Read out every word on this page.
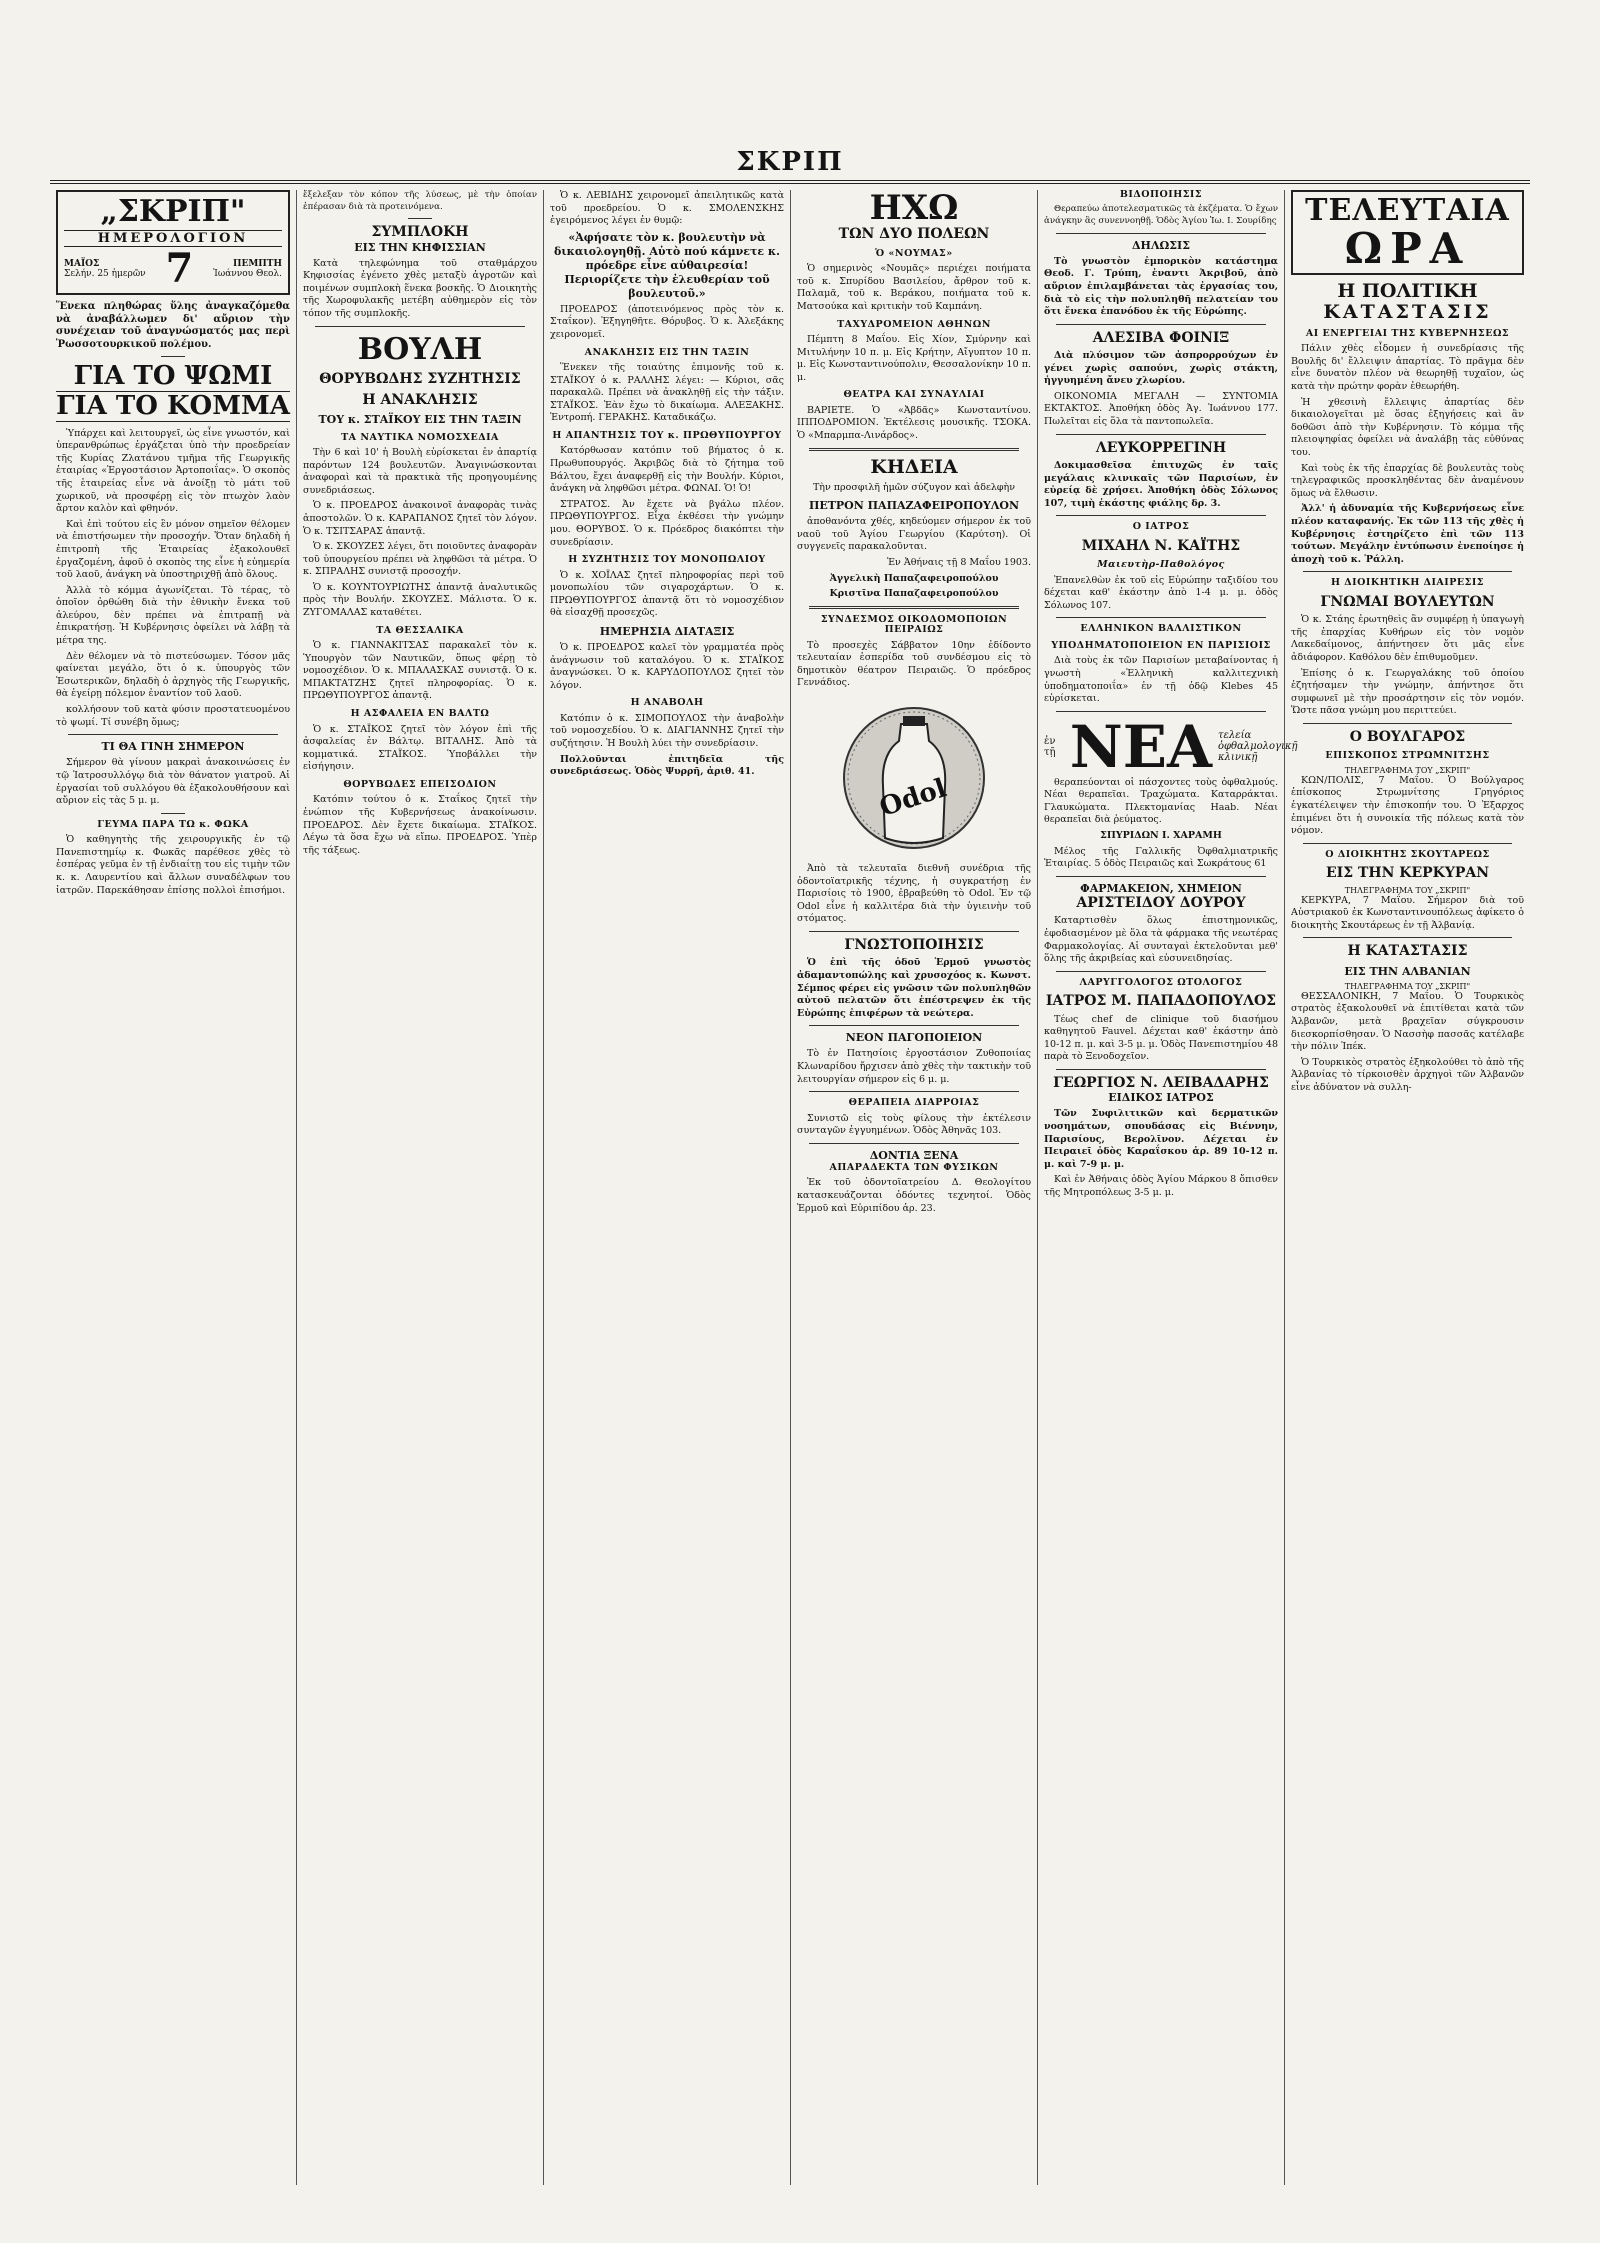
ΣΚΡΙΠ
„ΣΚΡΙΠ"
ΗΜΕΡΟΛΟΓΙΟΝ
ΜΑΪΟΣ
Σελήν. 25 ἡμερῶν 7	ΠΕΜΠΤΗ
Ἰωάννου Θεολ.

Ἕνεκα πληθώρας ὕλης ἀναγκαζόμεθα νὰ ἀναβάλλωμεν δι' αὔριον τὴν συνέχειαν τοῦ ἀναγνώσματός μας περὶ Ῥωσσοτουρκικοῦ πολέμου.

ΓΙΑ ΤΟ ΨΩΜΙ
ΓΙΑ ΤΟ ΚΟΜΜΑ

Ὑπάρχει καὶ λειτουργεῖ, ὡς εἶνε γνωστόν, καὶ ὑπερανθρώπως ἐργάζεται ὑπὸ τὴν προεδρείαν τῆς Κυρίας Ζλατάνου τμῆμα τῆς Γεωργικῆς ἑταιρίας «Ἐργοστάσιον Ἀρτοποιΐας». Ὁ σκοπὸς τῆς ἑταιρείας εἶνε νὰ ἀνοίξῃ τὸ μάτι τοῦ χωρικοῦ, νὰ προσφέρῃ εἰς τὸν πτωχὸν λαὸν ἄρτον καλὸν καὶ φθηνόν.

Καὶ ἐπὶ τούτου εἰς ἓν μόνον σημεῖον θέλομεν νὰ ἐπιστήσωμεν τὴν προσοχήν. Ὅταν δηλαδὴ ἡ ἐπιτροπὴ τῆς Ἑταιρείας ἐξακολουθεῖ ἐργαζομένη, ἀφοῦ ὁ σκοπὸς της εἶνε ἡ εὐημερία τοῦ λαοῦ, ἀνάγκη νὰ ὑποστηριχθῇ ἀπὸ ὅλους.

Ἀλλὰ τὸ κόμμα ἀγωνίζεται. Τὸ τέρας, τὸ ὁποῖον ὀρθώθη διὰ τὴν ἐθνικὴν ἔνεκα τοῦ ἀλεύρου, δὲν πρέπει νὰ ἐπιτραπῇ νὰ ἐπικρατήσῃ. Ἡ Κυβέρνησις ὀφείλει νὰ λάβῃ τὰ μέτρα της.

Δὲν θέλομεν νὰ τὸ πιστεύσωμεν. Τόσον μᾶς φαίνεται μεγάλο, ὅτι ὁ κ. ὑπουργὸς τῶν Ἐσωτερικῶν, δηλαδὴ ὁ ἀρχηγὸς τῆς Γεωργικῆς, θὰ ἐγείρῃ πόλεμον ἐναντίον τοῦ λαοῦ.

κολλήσουν τοῦ κατὰ φύσιν προστατευομένου τὸ ψωμί. Τί συνέβη ὅμως;

ΤΙ ΘΑ ΓΙΝΗ ΣΗΜΕΡΟΝ

Σήμερον θὰ γίνουν μακραὶ ἀνακοινώσεις ἐν τῷ Ἰατροσυλλόγῳ διὰ τὸν θάνατον γιατροῦ. Αἱ ἐργασίαι τοῦ συλλόγου θὰ ἐξακολουθήσουν καὶ αὔριον εἰς τὰς 5 μ. μ.

ΓΕΥΜΑ ΠΑΡΑ ΤΩ κ. ΦΩΚΑ

Ὁ καθηγητὴς τῆς χειρουργικῆς ἐν τῷ Πανεπιστημίῳ κ. Φωκᾶς παρέθεσε χθὲς τὸ ἑσπέρας γεῦμα ἐν τῇ ἐνδιαίτῃ του εἰς τιμὴν τῶν κ. κ. Λαυρεντίου καὶ ἄλλων συναδέλφων του ἰατρῶν. Παρεκάθησαν ἐπίσης πολλοὶ ἐπισήμοι.

ἔξελεξαν τὸν κόπον τῆς λύσεως, μὲ τὴν ὁποίαν ἐπέρασαν διὰ τὰ προτεινόμενα.

ΣΥΜΠΛΟΚΗ
ΕΙΣ ΤΗΝ ΚΗΦΙΣΣΙΑΝ

Κατὰ τηλεφώνημα τοῦ σταθμάρχου Κηφισσίας ἐγένετο χθὲς μεταξὺ ἀγροτῶν καὶ ποιμένων συμπλοκὴ ἕνεκα βοσκῆς. Ὁ Διοικητὴς τῆς Χωροφυλακῆς μετέβη αὐθημερὸν εἰς τὸν τόπον τῆς συμπλοκῆς.

ΒΟΥΛΗ
ΘΟΡΥΒΩΔΗΣ ΣΥΖΗΤΗΣΙΣ
Η ΑΝΑΚΛΗΣΙΣ
ΤΟΥ κ. ΣΤΑΪΚΟΥ ΕΙΣ ΤΗΝ ΤΑΞΙΝ
ΤΑ ΝΑΥΤΙΚΑ ΝΟΜΟΣΧΕΔΙΑ

Τὴν 6 καὶ 10' ἡ Βουλὴ εὑρίσκεται ἐν ἀπαρτίᾳ παρόντων 124 βουλευτῶν. Ἀναγινώσκονται ἀναφοραὶ καὶ τὰ πρακτικὰ τῆς προηγουμένης συνεδριάσεως.

Ὁ κ. ΠΡΟΕΔΡΟΣ ἀνακοινοῖ ἀναφορὰς τινὰς ἀποστολῶν. Ὁ κ. ΚΑΡΑΠΑΝΟΣ ζητεῖ τὸν λόγον. Ὁ κ. ΤΣΙΤΣΑΡΑΣ ἀπαντᾷ.

Ὁ κ. ΣΚΟΥΖΕΣ λέγει, ὅτι ποιοῦντες ἀναφορὰν τοῦ ὑπουργείου πρέπει νὰ ληφθῶσι τὰ μέτρα. Ὁ κ. ΣΠΡΑΛΗΣ συνιστᾷ προσοχήν.

Ὁ κ. ΚΟΥΝΤΟΥΡΙΩΤΗΣ ἀπαντᾷ ἀναλυτικῶς πρὸς τὴν Βουλήν. ΣΚΟΥΖΕΣ. Μάλιστα. Ὁ κ. ΖΥΓΟΜΑΛΑΣ καταθέτει.

ΤΑ ΘΕΣΣΑΛΙΚΑ

Ὁ κ. ΓΙΑΝΝΑΚΙΤΣΑΣ παρακαλεῖ τὸν κ. Ὑπουργὸν τῶν Ναυτικῶν, ὅπως φέρῃ τὸ νομοσχέδιον. Ὁ κ. ΜΠΑΛΑΣΚΑΣ συνιστᾷ. Ὁ κ. ΜΠΑΚΤΑΤΖΗΣ ζητεῖ πληροφορίας. Ὁ κ. ΠΡΩΘΥΠΟΥΡΓΟΣ ἀπαντᾷ.

Η ΑΣΦΑΛΕΙΑ ΕΝ ΒΑΛΤΩ

Ὁ κ. ΣΤΑΪΚΟΣ ζητεῖ τὸν λόγον ἐπὶ τῆς ἀσφαλείας ἐν Βάλτῳ. ΒΙΤΑΛΗΣ. Ἀπὸ τὰ κομματικά. ΣΤΑΪΚΟΣ. Ὑποβάλλει τὴν εἰσήγησιν.

ΘΟΡΥΒΩΔΕΣ ΕΠΕΙΣΟΔΙΟΝ

Κατόπιν τούτου ὁ κ. Σταΐκος ζητεῖ τὴν ἐνώπιον τῆς Κυβερνήσεως ἀνακοίνωσιν. ΠΡΟΕΔΡΟΣ. Δὲν ἔχετε δικαίωμα. ΣΤΑΪΚΟΣ. Λέγω τὰ ὅσα ἔχω νὰ εἴπω. ΠΡΟΕΔΡΟΣ. Ὑπὲρ τῆς τάξεως.

Ὁ κ. ΛΕΒΙΔΗΣ χειρονομεῖ ἀπειλητικῶς κατὰ τοῦ προεδρείου. Ὁ κ. ΣΜΟΛΕΝΣΚΗΣ ἐγειρόμενος λέγει ἐν θυμῷ:

«Ἀφήσατε τὸν κ. βουλευτὴν νὰ δικαιολογηθῇ. Αὐτὸ πού κάμνετε κ. πρόεδρε εἶνε αὐθαιρεσία! Περιορίζετε τὴν ἐλευθερίαν τοῦ βουλευτοῦ.»

ΠΡΟΕΔΡΟΣ (ἀποτεινόμενος πρὸς τὸν κ. Σταΐκον). Ἐξηγηθῆτε. Θόρυβος. Ὁ κ. Ἀλεξάκης χειρονομεῖ.

ΑΝΑΚΛΗΣΙΣ ΕΙΣ ΤΗΝ ΤΑΞΙΝ

Ἕνεκεν τῆς τοιαύτης ἐπιμονῆς τοῦ κ. ΣΤΑΪΚΟΥ ὁ κ. ΡΑΛΛΗΣ λέγει: — Κύριοι, σᾶς παρακαλῶ. Πρέπει νὰ ἀνακληθῇ εἰς τὴν τάξιν. ΣΤΑΪΚΟΣ. Ἐὰν ἔχω τὸ δικαίωμα. ΑΛΕΞΑΚΗΣ. Ἐντροπή. ΓΕΡΑΚΗΣ. Καταδικάζω.

Η ΑΠΑΝΤΗΣΙΣ ΤΟΥ κ. ΠΡΩΘΥΠΟΥΡΓΟΥ

Κατόρθωσαν κατόπιν τοῦ βήματος ὁ κ. Πρωθυπουργός. Ἀκριβῶς διὰ τὸ ζήτημα τοῦ Βάλτου, ἔχει ἀναφερθῇ εἰς τὴν Βουλήν. Κύριοι, ἀνάγκη νὰ ληφθῶσι μέτρα. ΦΩΝΑΙ. Ὁ! Ὁ!

ΣΤΡΑΤΟΣ. Ἀν ἔχετε νὰ βγάλω πλέον. ΠΡΩΘΥΠΟΥΡΓΟΣ. Εἶχα ἐκθέσει τὴν γνώμην μου. ΘΟΡΥΒΟΣ. Ὁ κ. Πρόεδρος διακόπτει τὴν συνεδρίασιν.

Η ΣΥΖΗΤΗΣΙΣ ΤΟΥ ΜΟΝΟΠΩΛΙΟΥ

Ὁ κ. ΧΟΪΛΑΣ ζητεῖ πληροφορίας περὶ τοῦ μονοπωλίου τῶν σιγαροχάρτων. Ὁ κ. ΠΡΩΘΥΠΟΥΡΓΟΣ ἀπαντᾷ ὅτι τὸ νομοσχέδιον θὰ εἰσαχθῇ προσεχῶς.

ΗΜΕΡΗΣΙΑ ΔΙΑΤΑΞΙΣ

Ὁ κ. ΠΡΟΕΔΡΟΣ καλεῖ τὸν γραμματέα πρὸς ἀνάγνωσιν τοῦ καταλόγου. Ὁ κ. ΣΤΑΪΚΟΣ ἀναγνώσκει. Ὁ κ. ΚΑΡΥΔΟΠΟΥΛΟΣ ζητεῖ τὸν λόγον.

Η ΑΝΑΒΟΛΗ

Κατόπιν ὁ κ. ΣΙΜΟΠΟΥΛΟΣ τὴν ἀναβολὴν τοῦ νομοσχεδίου. Ὁ κ. ΔΙΑΓΙΑΝΝΗΣ ζητεῖ τὴν συζήτησιν. Ἡ Βουλὴ λύει τὴν συνεδρίασιν.

Πολλοῦνται ἐπιτηδεῖα τῆς συνεδριάσεως. Ὁδὸς Ψυρρῆ, ἀριθ. 41.

ΗΧΩ
ΤΩΝ ΔΥΟ ΠΟΛΕΩΝ
Ὁ «ΝΟΥΜΑΣ»

Ὁ σημερινὸς «Νουμᾶς» περιέχει ποιήματα τοῦ κ. Σπυρίδου Βασιλείου, ἄρθρον τοῦ κ. Παλαμᾶ, τοῦ κ. Βεράκου, ποιήματα τοῦ κ. Ματσούκα καὶ κριτικὴν τοῦ Καμπάνη.

ΤΑΧΥΔΡΟΜΕΙΟΝ ΑΘΗΝΩΝ

Πέμπτη 8 Μαΐου. Εἰς Χίον, Σμύρνην καὶ Μιτυλήνην 10 π. μ. Εἰς Κρήτην, Αἴγυπτον 10 π. μ. Εἰς Κωνσταντινούπολιν, Θεσσαλονίκην 10 π. μ.

ΘΕΑΤΡΑ ΚΑΙ ΣΥΝΑΥΛΙΑΙ

ΒΑΡΙΕΤΕ. Ὁ «Ἀβδᾶς» Κωνσταντίνου. ΙΠΠΟΔΡΟΜΙΟΝ. Ἐκτέλεσις μουσικῆς. ΤΣΟΚΑ. Ὁ «Μπαρμπα-Λινάρδος».

ΚΗΔΕΙΑ

Τὴν προσφιλῆ ἡμῶν σύζυγον καὶ ἀδελφὴν

ΠΕΤΡΟΝ ΠΑΠΑΖΑΦΕΙΡΟΠΟΥΛΟΝ

ἀποθανόντα χθές, κηδεύομεν σήμερον ἐκ τοῦ ναοῦ τοῦ Ἁγίου Γεωργίου (Καρύτση). Οἱ συγγενεῖς παρακαλοῦνται.

Ἐν Ἀθήναις τῇ 8 Μαΐου 1903.

Ἀγγελικὴ Παπαζαφειροπούλου

Κριστῖνα Παπαζαφειροπούλου

ΣΥΝΔΕΣΜΟΣ ΟΙΚΟΔΟΜΟΠΟΙΩΝ ΠΕΙΡΑΙΩΣ

Τὸ προσεχὲς Σάββατον 10ην ἐδίδοντο τελευταίαν ἑσπερίδα τοῦ συνδέσμου εἰς τὸ δημοτικὸν θέατρον Πειραιῶς. Ὁ πρόεδρος Γεννάδιος.

Odol

Ἀπὸ τὰ τελευταῖα διεθνῆ συνέδρια τῆς ὀδοντοϊατρικῆς τέχνης, ἡ συγκρατήσῃ ἐν Παρισίοις τὸ 1900, ἐβραβεύθη τὸ Odol. Ἐν τῷ Odol εἶνε ἡ καλλιτέρα διὰ τὴν ὑγιεινὴν τοῦ στόματος.

ΓΝΩΣΤΟΠΟΙΗΣΙΣ

Ὁ ἐπὶ τῆς ὁδοῦ Ἑρμοῦ γνωστὸς ἀδαμαντοπώλης καὶ χρυσοχόος κ. Κωνστ. Σέμπος φέρει εἰς γνῶσιν τῶν πολυπληθῶν αὐτοῦ πελατῶν ὅτι ἐπέστρεψεν ἐκ τῆς Εὐρώπης ἐπιφέρων τὰ νεώτερα.

ΝΕΟΝ ΠΑΓΟΠΟΙΕΙΟΝ

Τὸ ἐν Πατησίοις ἐργοστάσιον Ζυθοποιίας Κλωναρίδου ἤρχισεν ἀπὸ χθὲς τὴν τακτικὴν τοῦ λειτουργίαν σήμερον εἰς 6 μ. μ.

ΘΕΡΑΠΕΙΑ ΔΙΑΡΡΟΙΑΣ

Συνιστῶ εἰς τοὺς φίλους τὴν ἐκτέλεσιν συνταγῶν ἐγγυημένων. Ὁδὸς Ἀθηνᾶς 103.

ΔΟΝΤΙΑ ΞΕΝΑ
ΑΠΑΡΑΔΕΚΤΑ ΤΩΝ ΦΥΣΙΚΩΝ

Ἐκ τοῦ ὀδοντοϊατρείου Δ. Θεολογίτου κατασκευάζονται ὀδόντες τεχνητοί. Ὁδὸς Ἑρμοῦ καὶ Εὐριπίδου ἀρ. 23.

ΒΙΔΟΠΟΙΗΣΙΣ

Θεραπεύω ἀποτελεσματικῶς τὰ ἐκζέματα. Ὁ ἔχων ἀνάγκην ἂς συνεννοηθῇ. Ὁδὸς Ἁγίου Ἰω. Ι. Σουρίδης

ΔΗΛΩΣΙΣ

Τὸ γνωστὸν ἐμπορικὸν κατάστημα Θεοδ. Γ. Τρύπη, ἐναντι Ἀκριβοῦ, ἀπὸ αὔριον ἐπιλαμβάνεται τὰς ἐργασίας του, διὰ τὸ εἰς τὴν πολυπληθῆ πελατείαν του ὅτι ἔνεκα ἐπανόδου ἐκ τῆς Εὐρώπης.

ΑΛΕΣΙΒΑ ΦΟΙΝΙΞ

Διὰ πλύσιμον τῶν ἀσπρορρούχων ἐν γένει χωρὶς σαπούνι, χωρὶς στάκτη, ἡγγυημένη ἄνευ χλωρίου.

ΟΙΚΟΝΟΜΙΑ ΜΕΓΑΛΗ — ΣΥΝΤΟΜΙΑ ΕΚΤΑΚΤΟΣ. Ἀποθήκη ὁδὸς Ἀγ. Ἰωάννου 177. Πωλεῖται εἰς ὅλα τὰ παντοπωλεῖα.

ΛΕΥΚΟΡΡΕΓΙΝΗ

Δοκιμασθεῖσα ἐπιτυχῶς ἐν ταῖς μεγάλαις κλινικαῖς τῶν Παρισίων, ἐν εὐρείᾳ δὲ χρήσει. Ἀποθήκη ὁδὸς Σόλωνος 107, τιμὴ ἑκάστης φιάλης δρ. 3.

Ο ΙΑΤΡΟΣ
ΜΙΧΑΗΛ Ν. ΚΑΪΤΗΣ
Μαιευτὴρ-Παθολόγος

Ἐπανελθὼν ἐκ τοῦ εἰς Εὐρώπην ταξιδίου του δέχεται καθ' ἑκάστην ἀπὸ 1-4 μ. μ. ὁδὸς Σόλωνος 107.

ΕΛΛΗΝΙΚΟΝ ΒΑΛΛΙΣΤΙΚΟΝ
ΥΠΟΔΗΜΑΤΟΠΟΙΕΙΟΝ ΕΝ ΠΑΡΙΣΙΟΙΣ

Διὰ τοὺς ἐκ τῶν Παρισίων μεταβαίνοντας ἡ γνωστὴ «Ἑλληνικὴ καλλιτεχνικὴ ὑποδηματοποιΐα» ἐν τῇ ὁδῷ Klebes 45 εὑρίσκεται.

ἐν τῇ ΝΕΑ τελεία ὀφθαλμολογικῇ κλινικῇ

θεραπεύονται οἱ πάσχοντες τοὺς ὀφθαλμούς. Νέαι θεραπεῖαι. Τραχώματα. Καταρράκται. Γλαυκώματα. Πλεκτομανίας Haab. Νέαι θεραπεῖαι διὰ ῥεύματος.

ΣΠΥΡΙΔΩΝ Ι. ΧΑΡΑΜΗ

Μέλος τῆς Γαλλικῆς Ὀφθαλμιατρικῆς Ἑταιρίας. 5 ὁδὸς Πειραιῶς καὶ Σωκράτους 61

ΦΑΡΜΑΚΕΙΟΝ, ΧΗΜΕΙΟΝ
ΑΡΙΣΤΕΙΔΟΥ ΔΟΥΡΟΥ

Καταρτισθὲν ὅλως ἐπιστημονικῶς, ἐφοδιασμένον μὲ ὅλα τὰ φάρμακα τῆς νεωτέρας Φαρμακολογίας. Αἱ συνταγαὶ ἐκτελοῦνται μεθ' ὅλης τῆς ἀκριβείας καὶ εὐσυνειδησίας.

ΛΑΡΥΓΓΟΛΟΓΟΣ ΩΤΟΛΟΓΟΣ
ΙΑΤΡΟΣ Μ. ΠΑΠΑΔΟΠΟΥΛΟΣ

Τέως chef de clinique τοῦ διασήμου καθηγητοῦ Fauvel. Δέχεται καθ' ἑκάστην ἀπὸ 10-12 π. μ. καὶ 3-5 μ. μ. Ὁδὸς Πανεπιστημίου 48 παρὰ τὸ Ξενοδοχεῖον.

ΓΕΩΡΓΙΟΣ Ν. ΛΕΙΒΑΔΑΡΗΣ
ΕΙΔΙΚΟΣ ΙΑΤΡΟΣ

Τῶν Συφιλιτικῶν καὶ δερματικῶν νοσημάτων, σπουδάσας εἰς Βιέννην, Παρισίους, Βερολῖνον. Δέχεται ἐν Πειραιεῖ ὁδὸς Καραΐσκου ἀρ. 89 10-12 π. μ. καὶ 7-9 μ. μ.

Καὶ ἐν Ἀθήναις ὁδὸς Ἀγίου Μάρκου 8 ὄπισθεν τῆς Μητροπόλεως 3-5 μ. μ.

ΤΕΛΕΥΤΑΙΑ
ΩΡΑ
Η ΠΟΛΙΤΙΚΗ
ΚΑΤΑΣΤΑΣΙΣ
ΑΙ ΕΝΕΡΓΕΙΑΙ ΤΗΣ ΚΥΒΕΡΝΗΣΕΩΣ

Πάλιν χθὲς εἶδομεν ἡ συνεδρίασις τῆς Βουλῆς δι' ἔλλειψιν ἀπαρτίας. Τὸ πρᾶγμα δὲν εἶνε δυνατὸν πλέον νὰ θεωρηθῇ τυχαῖον, ὡς κατὰ τὴν πρώτην φορὰν ἐθεωρήθη.

Ἡ χθεσινὴ ἔλλειψις ἀπαρτίας δὲν δικαιολογεῖται μὲ ὅσας ἐξηγήσεις καὶ ἂν δοθῶσι ἀπὸ τὴν Κυβέρνησιν. Τὸ κόμμα τῆς πλειοψηφίας ὀφείλει νὰ ἀναλάβῃ τὰς εὐθύνας του.

Καὶ τοὺς ἐκ τῆς ἐπαρχίας δὲ βουλευτὰς τοὺς τηλεγραφικῶς προσκληθέντας δὲν ἀναμένουν ὅμως νὰ ἔλθωσιν.

Ἀλλ' ἡ ἀδυναμία τῆς Κυβερνήσεως εἶνε πλέον καταφανής. Ἐκ τῶν 113 τῆς χθὲς ἡ Κυβέρνησις ἐστηρίζετο ἐπὶ τῶν 113 τούτων. Μεγάλην ἐντύπωσιν ἐνεποίησε ἡ ἀποχὴ τοῦ κ. Ῥάλλη.

Η ΔΙΟΙΚΗΤΙΚΗ ΔΙΑΙΡΕΣΙΣ
ΓΝΩΜΑΙ ΒΟΥΛΕΥΤΩΝ

Ὁ κ. Στάης ἐρωτηθεὶς ἂν συμφέρῃ ἡ ὑπαγωγὴ τῆς ἐπαρχίας Κυθήρων εἰς τὸν νομὸν Λακεδαίμονος, ἀπήντησεν ὅτι μᾶς εἶνε ἀδιάφορον. Καθόλου δὲν ἐπιθυμοῦμεν.

Ἐπίσης ὁ κ. Γεωργαλάκης τοῦ ὁποίου ἐζητήσαμεν τὴν γνώμην, ἀπήντησε ὅτι συμφωνεῖ μὲ τὴν προσάρτησιν εἰς τὸν νομόν. Ὥστε πᾶσα γνώμη μου περιττεύει.

Ο ΒΟΥΛΓΑΡΟΣ
ΕΠΙΣΚΟΠΟΣ ΣΤΡΩΜΝΙΤΣΗΣ
ΤΗΛΕΓΡΑΦΗΜΑ ΤΟΥ „ΣΚΡΙΠ"

ΚΩΝ/ΠΟΛΙΣ, 7 Μαΐου. Ὁ Βούλγαρος ἐπίσκοπος Στρωμνίτσης Γρηγόριος ἐγκατέλειψεν τὴν ἐπισκοπήν του. Ὁ Ἐξαρχος ἐπιμένει ὅτι ἡ συνοικία τῆς πόλεως κατὰ τὸν νόμον.

Ο ΔΙΟΙΚΗΤΗΣ ΣΚΟΥΤΑΡΕΩΣ
ΕΙΣ ΤΗΝ ΚΕΡΚΥΡΑΝ
ΤΗΛΕΓΡΑΦΗΜΑ ΤΟΥ „ΣΚΡΙΠ"

ΚΕΡΚΥΡΑ, 7 Μαΐου. Σήμερον διὰ τοῦ Αὐστριακοῦ ἐκ Κωνσταντινουπόλεως ἀφίκετο ὁ διοικητὴς Σκουτάρεως ἐν τῇ Ἀλβανίᾳ.

Η ΚΑΤΑΣΤΑΣΙΣ
ΕΙΣ ΤΗΝ ΑΛΒΑΝΙΑΝ
ΤΗΛΕΓΡΑΦΗΜΑ ΤΟΥ „ΣΚΡΙΠ"

ΘΕΣΣΑΛΟΝΙΚΗ, 7 Μαΐου. Ὁ Τουρκικὸς στρατὸς ἐξακολουθεῖ νὰ ἐπιτίθεται κατὰ τῶν Ἀλβανῶν, μετὰ βραχεῖαν σύγκρουσιν διεσκορπίσθησαν. Ὁ Νασσὴφ πασσᾶς κατέλαβε τὴν πόλιν Ἰπέκ.

Ὁ Τουρκικὸς στρατὸς ἐξηκολούθει τὸ ἀπὸ τῆς Ἀλβανίας τὸ τίρκοισθὲν ἀρχηγοὶ τῶν Ἀλβανῶν εἶνε ἀδύνατον νὰ συλλη-
